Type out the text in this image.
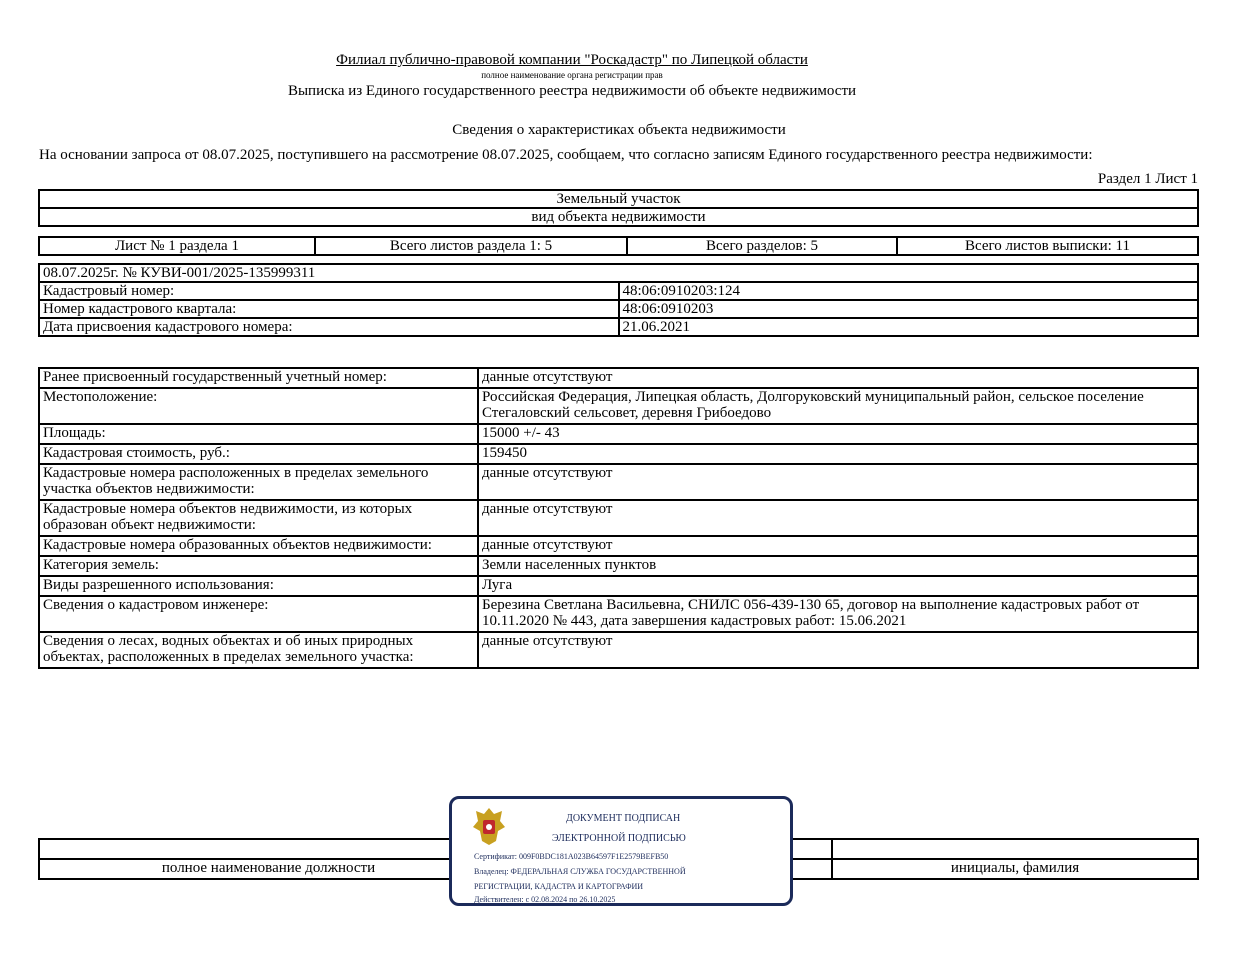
Филиал публично-правовой компании "Роскадастр" по Липецкой области
полное наименование органа регистрации прав
Выписка из Единого государственного реестра недвижимости об объекте недвижимости
Сведения о характеристиках объекта недвижимости
На основании запроса от 08.07.2025, поступившего на рассмотрение 08.07.2025, сообщаем, что согласно записям Единого государственного реестра недвижимости:
Раздел 1 Лист 1
Земельный участок
вид объекта недвижимости
Лист № 1 раздела 1	Всего листов раздела 1: 5	Всего разделов: 5	Всего листов выписки: 11
08.07.2025г. № КУВИ-001/2025-135999311	
Кадастровый номер:	48:06:0910203:124
Номер кадастрового квартала:	48:06:0910203
Дата присвоения кадастрового номера:	21.06.2021
Ранее присвоенный государственный учетный номер:	данные отсутствуют
Местоположение:	Российская Федерация, Липецкая область, Долгоруковский муниципальный район, сельское поселение Стегаловский сельсовет, деревня Грибоедово
Площадь:	15000 +/- 43
Кадастровая стоимость, руб.:	159450
Кадастровые номера расположенных в пределах земельного участка объектов недвижимости:	данные отсутствуют
Кадастровые номера объектов недвижимости, из которых образован объект недвижимости:	данные отсутствуют
Кадастровые номера образованных объектов недвижимости:	данные отсутствуют
Категория земель:	Земли населенных пунктов
Виды разрешенного использования:	Луга
Сведения о кадастровом инженере:	Березина Светлана Васильевна, СНИЛС 056-439-130 65, договор на выполнение кадастровых работ от 10.11.2020 № 443, дата завершения кадастровых работ: 15.06.2021
Сведения о лесах, водных объектах и об иных природных объектах, расположенных в пределах земельного участка:	данные отсутствуют

полное наименование должности		инициалы, фамилия
ДОКУМЕНТ ПОДПИСАН
ЭЛЕКТРОННОЙ ПОДПИСЬЮ
Сертификат: 009F0BDC181A023B64597F1E2579BEFB50
Владелец: ФЕДЕРАЛЬНАЯ СЛУЖБА ГОСУДАРСТВЕННОЙ
РЕГИСТРАЦИИ, КАДАСТРА И КАРТОГРАФИИ
Действителен: с 02.08.2024 по 26.10.2025
